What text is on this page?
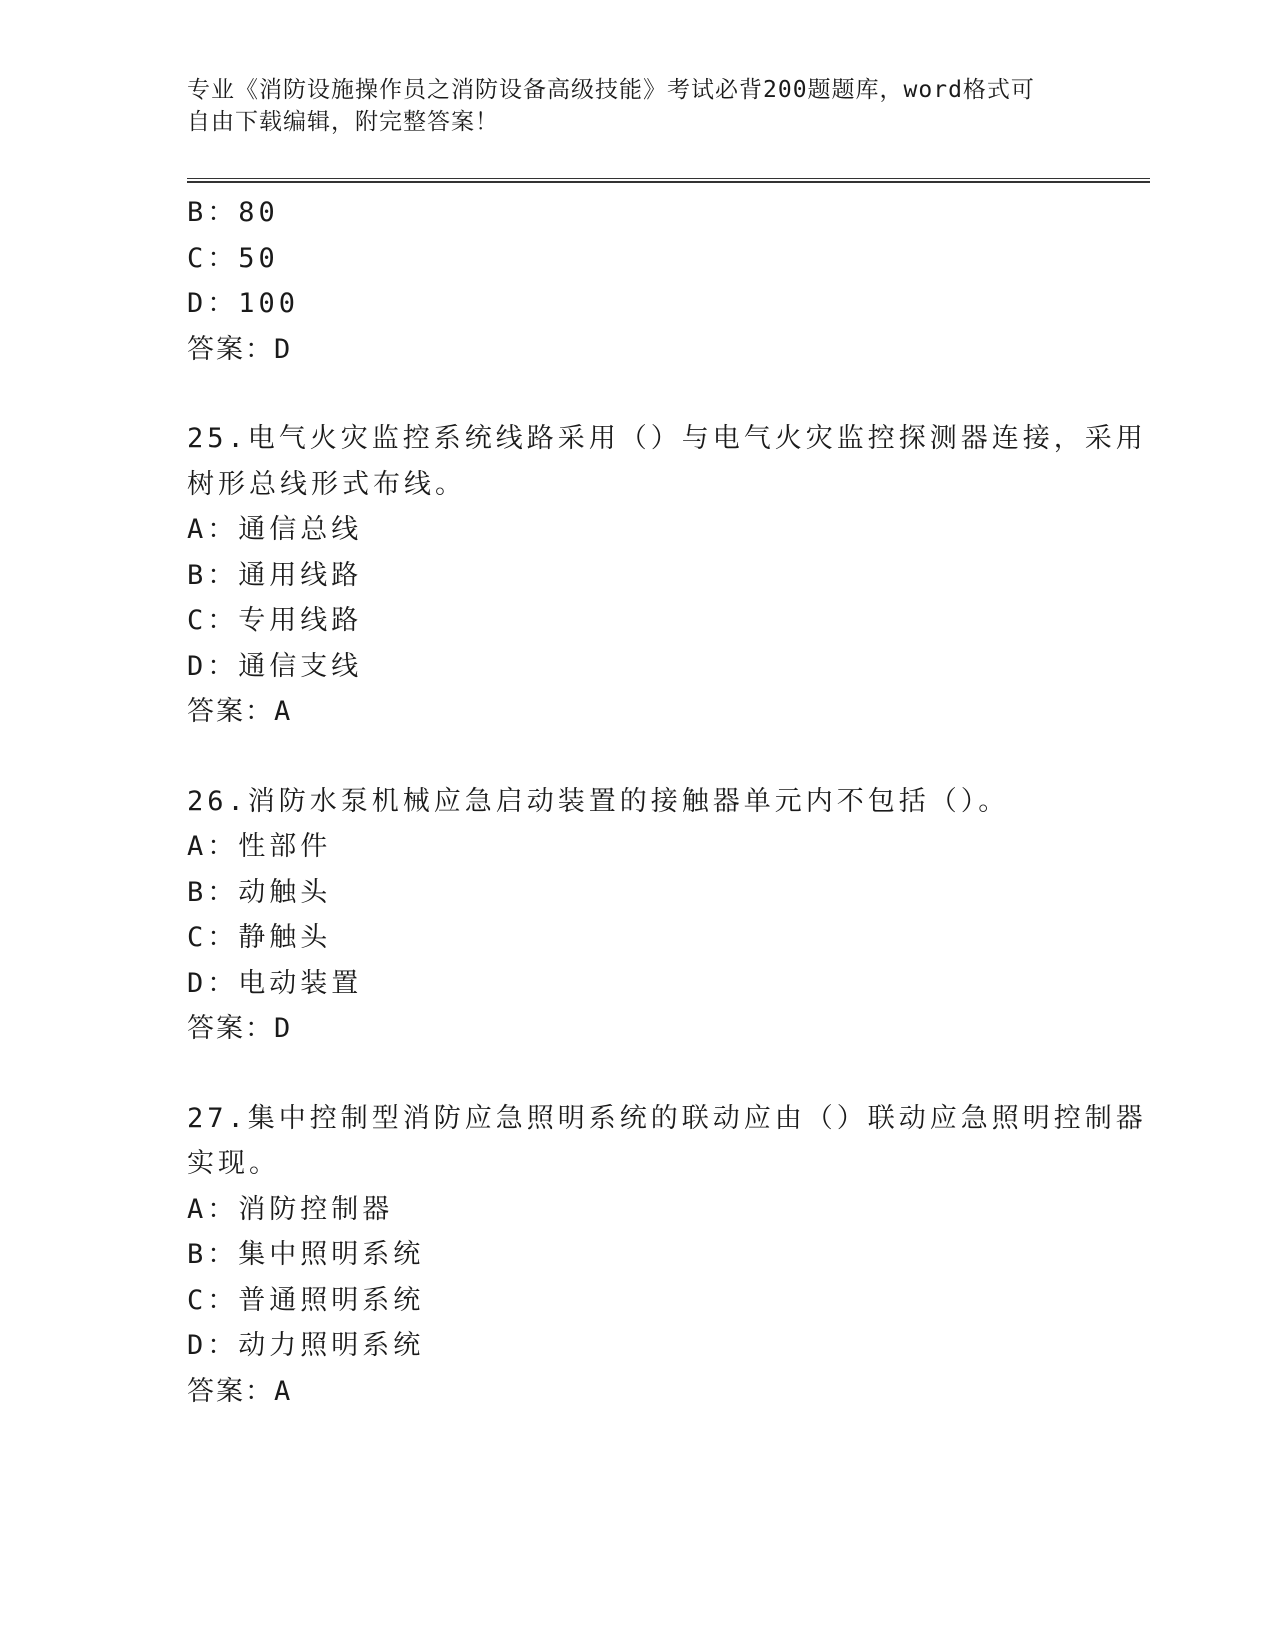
专业《消防设施操作员之消防设备高级技能》考试必背200题题库，word格式可
自由下载编辑，附完整答案！
B：80
C：50
D：100
答案：D
25.电气火灾监控系统线路采用（）与电气火灾监控探测器连接，采用
树形总线形式布线。
A：通信总线
B：通用线路
C：专用线路
D：通信支线
答案：A
26.消防水泵机械应急启动装置的接触器单元内不包括（）。
A：性部件
B：动触头
C：静触头
D：电动装置
答案：D
27.集中控制型消防应急照明系统的联动应由（）联动应急照明控制器
实现。
A：消防控制器
B：集中照明系统
C：普通照明系统
D：动力照明系统
答案：A
